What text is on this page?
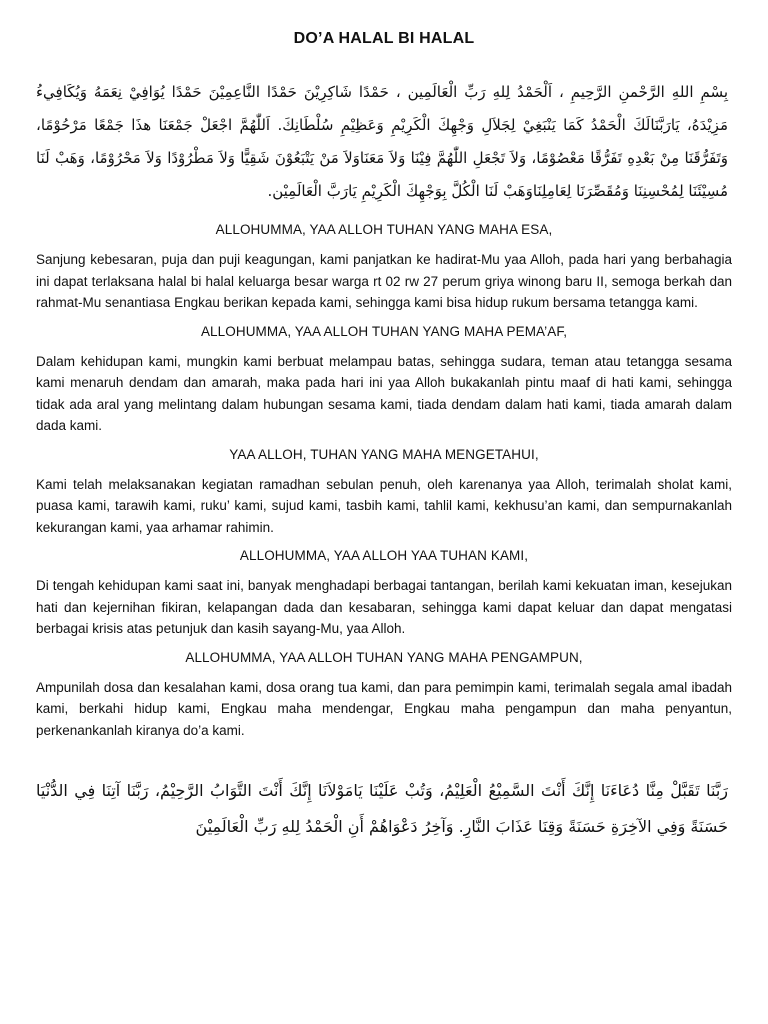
DO’A HALAL BI HALAL
بِسْمِ اللهِ الرَّحْمنِ الرَّحِيمِ ، اَلْحَمْدُ لِلهِ رَبِّ الْعَالَمِين ، حَمْدًا شَاكِرِيْنَ حَمْدًا النَّاعِمِيْنَ حَمْدًا يُوَافِيْ نِعَمَهُ وَيُكَافِيءُ مَزِيْدَهُ، يَارَبَّنَالَكَ الْحَمْدُ كَمَا يَنْبَغِيْ لِجَلاَلِ وَجْهِكَ الْكَرِيْمِ وَعَظِيْمِ سُلْطَانِكَ. اَللّٰهُمَّ اجْعَلْ جَمْعَنَا هذَا جَمْعًا مَرْحُوْمًا، وَتَفَرُّقَنَا مِنْ بَعْدِهِ تَفَرُّقًا مَعْصُوْمًا، وَلاَ تَجْعَلِ اللّٰهُمَّ فِيْنَا وَلاَ مَعَنَاوَلاَ مَنْ يَتْبَعُوْنَ شَقِيًّا وَلاَ مَطْرُوْدًا وَلاَ مَحْرُوْمًا، وَهَبْ لَنَا مُسِيْئَنَا لِمُحْسِنِنَا وَمُقَصِّرَنَا لِعَامِلِنَاوَهَبْ لَنَا الْكُلَّ بِوَجْهِكَ الْكَرِيْمِ يَارَبَّ الْعَالَمِيْن.
ALLOHUMMA, YAA ALLOH TUHAN YANG MAHA ESA,
Sanjung kebesaran, puja dan puji keagungan, kami panjatkan ke hadirat-Mu yaa Alloh, pada hari yang berbahagia ini dapat terlaksana halal bi halal keluarga besar warga rt 02 rw 27 perum griya winong baru II, semoga berkah dan rahmat-Mu senantiasa Engkau berikan kepada kami, sehingga kami bisa hidup rukum bersama tetangga kami.
ALLOHUMMA, YAA ALLOH TUHAN YANG MAHA PEMA’AF,
Dalam kehidupan kami, mungkin kami berbuat melampau batas, sehingga sudara, teman atau tetangga sesama kami menaruh dendam dan amarah, maka pada hari ini yaa Alloh bukakanlah pintu maaf di hati kami, sehingga tidak ada aral yang melintang dalam hubungan sesama kami, tiada dendam dalam hati kami, tiada amarah dalam dada kami.
YAA ALLOH, TUHAN YANG MAHA MENGETAHUI,
Kami telah melaksanakan kegiatan ramadhan sebulan penuh, oleh karenanya yaa Alloh, terimalah sholat kami, puasa kami, tarawih kami, ruku’ kami, sujud kami, tasbih kami, tahlil kami, kekhusu’an kami, dan sempurnakanlah kekurangan kami, yaa arhamar rahimin.
ALLOHUMMA, YAA ALLOH YAA TUHAN KAMI,
Di tengah kehidupan kami saat ini, banyak menghadapi berbagai tantangan, berilah kami kekuatan iman, kesejukan hati dan kejernihan fikiran, kelapangan dada dan kesabaran, sehingga kami dapat keluar dan dapat mengatasi berbagai krisis atas petunjuk dan kasih sayang-Mu, yaa Alloh.
ALLOHUMMA, YAA ALLOH TUHAN YANG MAHA PENGAMPUN,
Ampunilah dosa dan kesalahan kami, dosa orang tua kami, dan para pemimpin kami, terimalah segala amal ibadah kami, berkahi hidup kami, Engkau maha mendengar, Engkau maha pengampun dan maha penyantun, perkenankanlah kiranya do’a kami.
رَبَّنَا تَقَبَّلْ مِنَّا دُعَاءَنَا إِنَّكَ أَنْتَ السَّمِيْعُ الْعَلِيْمُ، وَتُبْ عَلَيْنَا يَامَوْلاَنَا إِنَّكَ أَنْتَ التَّوَابُ الرَّحِيْمُ، رَبَّنَا آتِنَا فِي الدُّنْيَا حَسَنَةً وَفِي الآخِرَةِ حَسَنَةً وَقِنَا عَذَابَ النَّارِ. وَآخِرُ دَعْوَاهُمْ أَنِ الْحَمْدُ لِلهِ رَبِّ الْعَالَمِيْنَ
